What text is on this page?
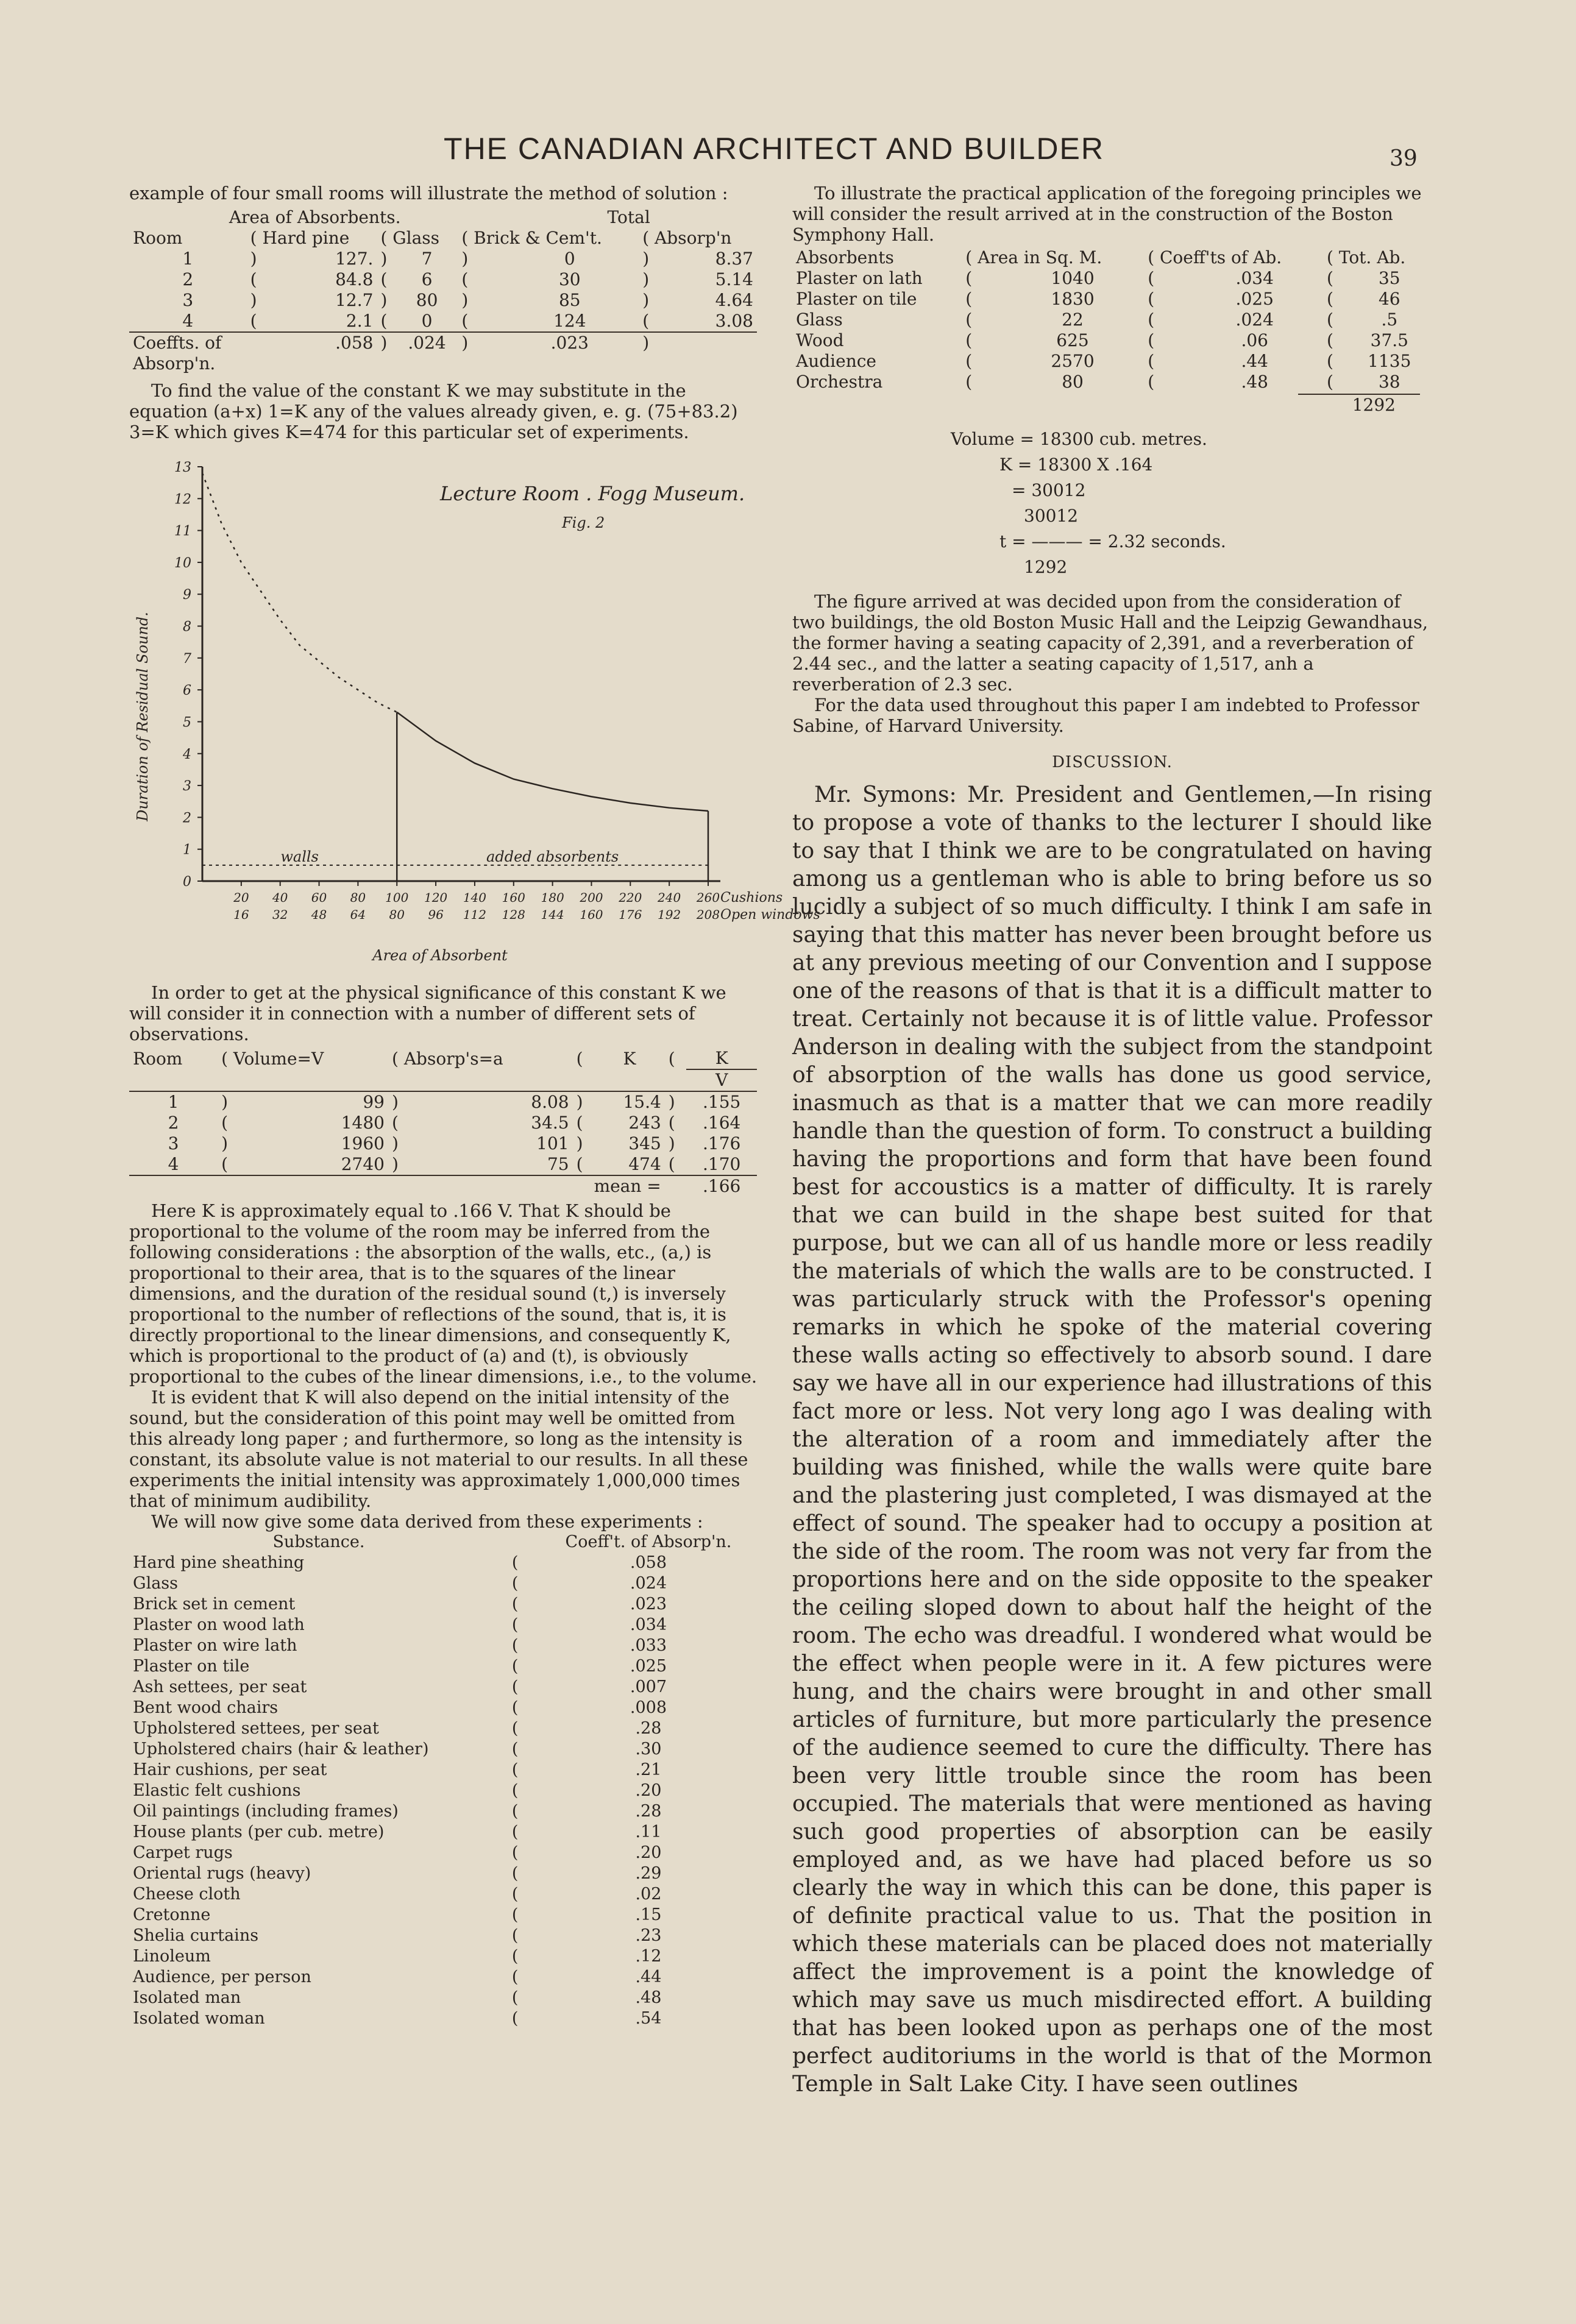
THE CANADIAN ARCHITECT AND BUILDER	39

example of four small rooms will illustrate the method of solution :

Area of Absorbents.						Total		
Room	( Hard pine		( Glass		( Brick & Cem't.		( Absorp'n	
1	)	127.	)	7	)	0	)	8.37
2	(	84.8	(	6	(	30	)	5.14
3	)	12.7	)	80	)	85	)	4.64
4	(	2.1	(	0	(	124	(	3.08
Coeffts. of		.058	)	.024	)	.023	)	
Absorp'n.								

To find the value of the constant K we may substitute in the equation (a+x) 1=K any of the values already given, e. g. (75+83.2) 3=K which gives K=474 for this particular set of experiments.

0
1
2
3
4
5
6
7
8
9
10
11
12
13
20
16
40
32
60
48
80
64
100
80
120
96
140
112
160
128
180
144
200
160
220
176
240
192
260
208
Cushions
Open windows
Lecture Room . Fogg Museum.
Fig. 2
Area of Absorbent
Duration of Residual Sound.
walls	added absorbents

In order to get at the physical significance of this constant K we will consider it in connection with a number of different sets of observations.

Room	( Volume=V		( Absorp's=a		(	K	(	K
								V
1	)	99	)	8.08	)	15.4	)	.155
2	(	1480	(	34.5	(	243	(	.164
3	)	1960	)	101	)	345	)	.176
4	(	2740	)	75	(	474	(	.170
mean =								.166

Here K is approximately equal to .166 V. That K should be proportional to the volume of the room may be inferred from the following considerations : the absorption of the walls, etc., (a,) is proportional to their area, that is to the squares of the linear dimensions, and the duration of the residual sound (t,) is inversely proportional to the number of reflections of the sound, that is, it is directly proportional to the linear dimensions, and consequently K, which is proportional to the product of (a) and (t), is obviously proportional to the cubes of the linear dimensions, i.e., to the volume.

It is evident that K will also depend on the initial intensity of the sound, but the consideration of this point may well be omitted from this already long paper ; and furthermore, so long as the intensity is constant, its absolute value is not material to our results. In all these experiments the initial intensity was approximately 1,000,000 times that of minimum audibility.

We will now give some data derived from these experiments :

Substance.		Coeff't. of Absorp'n.
Hard pine sheathing	(	.058
Glass	(	.024
Brick set in cement	(	.023
Plaster on wood lath	(	.034
Plaster on wire lath	(	.033
Plaster on tile	(	.025
Ash settees, per seat	(	.007
Bent wood chairs	(	.008
Upholstered settees, per seat	(	.28
Upholstered chairs (hair & leather)	(	.30
Hair cushions, per seat	(	.21
Elastic felt cushions	(	.20
Oil paintings (including frames)	(	.28
House plants (per cub. metre)	(	.11
Carpet rugs	(	.20
Oriental rugs (heavy)	(	.29
Cheese cloth	(	.02
Cretonne	(	.15
Shelia curtains	(	.23
Linoleum	(	.12
Audience, per person	(	.44
Isolated man	(	.48
Isolated woman	(	.54

To illustrate the practical application of the foregoing principles we will consider the result arrived at in the construction of the Boston Symphony Hall.

Absorbents	( Area in Sq. M.		( Coeff'ts of Ab.		( Tot. Ab.	
Plaster on lath	(	1040	(	.034	(	35
Plaster on tile	(	1830	(	.025	(	46
Glass	(	22	(	.024	(	.5
Wood	(	625	(	.06	(	37.5
Audience	(	2570	(	.44	(	1135
Orchestra	(	80	(	.48	(	38
1292
Volume = 18300 cub. metres.
K = 18300 X .164
= 30012
30012
t = ——— = 2.32 seconds.
1292

The figure arrived at was decided upon from the consideration of two buildings, the old Boston Music Hall and the Leipzig Gewandhaus, the former having a seating capacity of 2,391, and a reverberation of 2.44 sec., and the latter a seating capacity of 1,517, anh a reverberation of 2.3 sec.

For the data used throughout this paper I am indebted to Professor Sabine, of Harvard University.

DISCUSSION.

Mr. Symons: Mr. President and Gentlemen,—In rising to propose a vote of thanks to the lecturer I should like to say that I think we are to be congratulated on having among us a gentleman who is able to bring before us so lucidly a subject of so much difficulty. I think I am safe in saying that this matter has never been brought before us at any previous meeting of our Convention and I suppose one of the reasons of that is that it is a difficult matter to treat. Certainly not because it is of little value. Professor Anderson in dealing with the subject from the standpoint of absorption of the walls has done us good service, inasmuch as that is a matter that we can more readily handle than the question of form. To construct a building having the proportions and form that have been found best for accoustics is a matter of difficulty. It is rarely that we can build in the shape best suited for that purpose, but we can all of us handle more or less readily the materials of which the walls are to be constructed. I was particularly struck with the Professor's opening remarks in which he spoke of the material covering these walls acting so effectively to absorb sound. I dare say we have all in our experience had illustrations of this fact more or less. Not very long ago I was dealing with the alteration of a room and immediately after the building was finished, while the walls were quite bare and the plastering just completed, I was dismayed at the effect of sound. The speaker had to occupy a position at the side of the room. The room was not very far from the proportions here and on the side opposite to the speaker the ceiling sloped down to about half the height of the room. The echo was dreadful. I wondered what would be the effect when people were in it. A few pictures were hung, and the chairs were brought in and other small articles of furniture, but more particularly the presence of the audience seemed to cure the difficulty. There has been very little trouble since the room has been occupied. The materials that were mentioned as having such good properties of absorption can be easily employed and, as we have had placed before us so clearly the way in which this can be done, this paper is of definite practical value to us. That the position in which these materials can be placed does not materially affect the improvement is a point the knowledge of which may save us much misdirected effort. A building that has been looked upon as perhaps one of the most perfect auditoriums in the world is that of the Mormon Temple in Salt Lake City. I have seen outlines
